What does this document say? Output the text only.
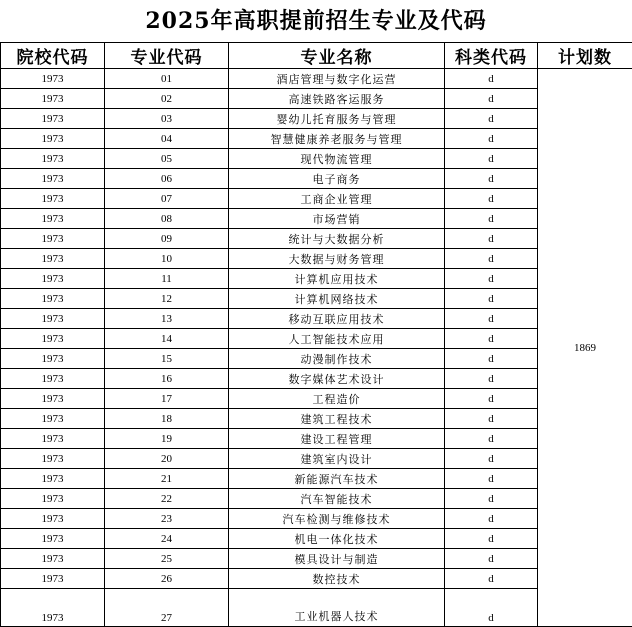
2025年高职提前招生专业及代码
院校代码	专业代码	专业名称	科类代码	计划数
1973	01	酒店管理与数字化运营	d	1869
1973	02	高速铁路客运服务	d	
1973	03	婴幼儿托育服务与管理	d	
1973	04	智慧健康养老服务与管理	d	
1973	05	现代物流管理	d	
1973	06	电子商务	d	
1973	07	工商企业管理	d	
1973	08	市场营销	d	
1973	09	统计与大数据分析	d	
1973	10	大数据与财务管理	d	
1973	11	计算机应用技术	d	
1973	12	计算机网络技术	d	
1973	13	移动互联应用技术	d	
1973	14	人工智能技术应用	d	
1973	15	动漫制作技术	d	
1973	16	数字媒体艺术设计	d	
1973	17	工程造价	d	
1973	18	建筑工程技术	d	
1973	19	建设工程管理	d	
1973	20	建筑室内设计	d	
1973	21	新能源汽车技术	d	
1973	22	汽车智能技术	d	
1973	23	汽车检测与维修技术	d	
1973	24	机电一体化技术	d	
1973	25	模具设计与制造	d	
1973	26	数控技术	d	
1973	27	工业机器人技术	d	
